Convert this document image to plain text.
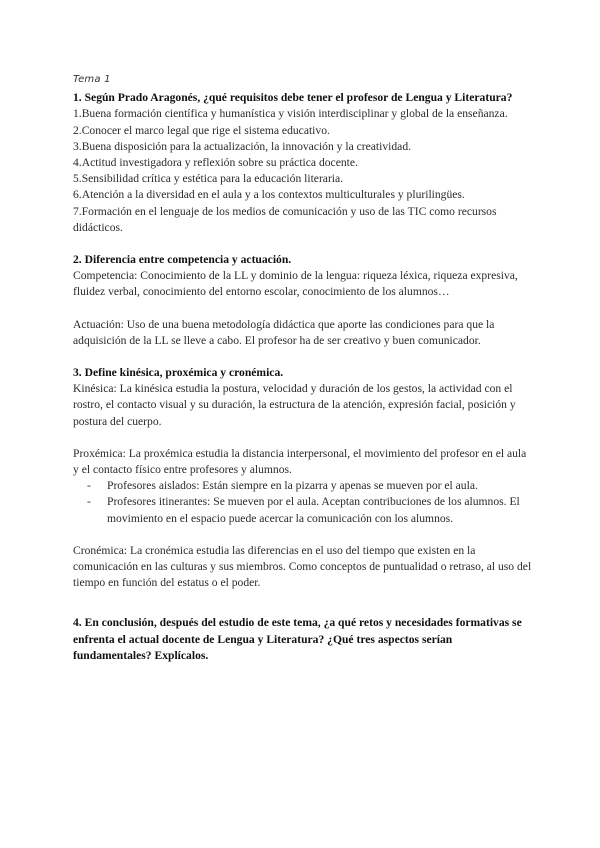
Tema 1

1. Según Prado Aragonés, ¿qué requisitos debe tener el profesor de Lengua y Literatura?

1.Buena formación científica y humanística y visión interdisciplinar y global de la enseñanza.

2.Conocer el marco legal que rige el sistema educativo.

3.Buena disposición para la actualización, la innovación y la creatividad.

4.Actitud investigadora y reflexión sobre su práctica docente.

5.Sensibilidad crítica y estética para la educación literaria.

6.Atención a la diversidad en el aula y a los contextos multiculturales y plurilingües.

7.Formación en el lenguaje de los medios de comunicación y uso de las TIC como recursos didácticos.

2. Diferencia entre competencia y actuación.

Competencia: Conocimiento de la LL y dominio de la lengua: riqueza léxica, riqueza expresiva, fluidez verbal, conocimiento del entorno escolar, conocimiento de los alumnos…

Actuación: Uso de una buena metodología didáctica que aporte las condiciones para que la adquisición de la LL se lleve a cabo. El profesor ha de ser creativo y buen comunicador.

3. Define kinésica, proxémica y cronémica.

Kinésica: La kinésica estudia la postura, velocidad y duración de los gestos, la actividad con el rostro, el contacto visual y su duración, la estructura de la atención, expresión facial, posición y postura del cuerpo.

Proxémica: La proxémica estudia la distancia interpersonal, el movimiento del profesor en el aula y el contacto físico entre profesores y alumnos.

- Profesores aislados: Están siempre en la pizarra y apenas se mueven por el aula.
- Profesores itinerantes: Se mueven por el aula. Aceptan contribuciones de los alumnos. El movimiento en el espacio puede acercar la comunicación con los alumnos.

Cronémica: La cronémica estudia las diferencias en el uso del tiempo que existen en la comunicación en las culturas y sus miembros. Como conceptos de puntualidad o retraso, al uso del tiempo en función del estatus o el poder.

4. En conclusión, después del estudio de este tema, ¿a qué retos y necesidades formativas se enfrenta el actual docente de Lengua y Literatura? ¿Qué tres aspectos serían fundamentales? Explícalos.
